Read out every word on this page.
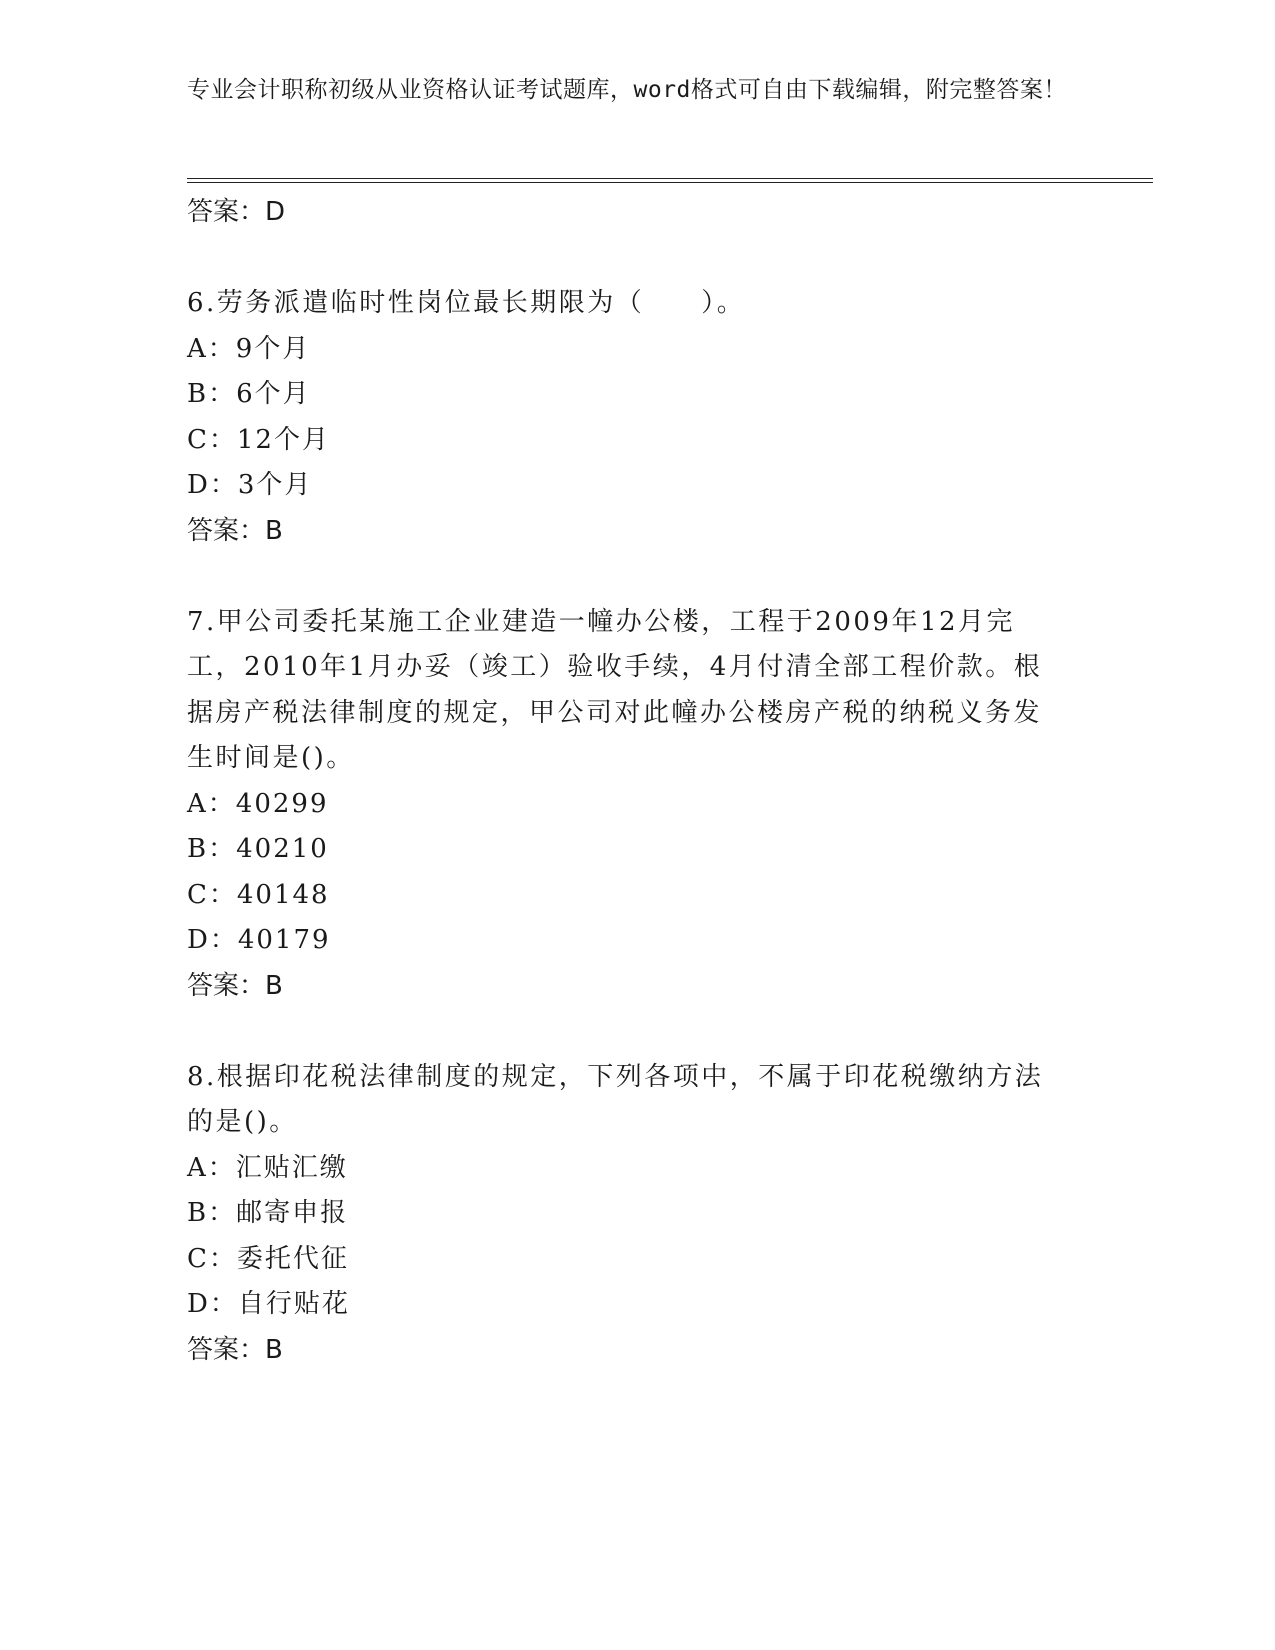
专业会计职称初级从业资格认证考试题库，word格式可自由下载编辑，附完整答案！

答案：D

6.劳务派遣临时性岗位最长期限为（　　）。

A：9个月

B：6个月

C：12个月

D：3个月

答案：B

7.甲公司委托某施工企业建造一幢办公楼，工程于2009年12月完工，2010年1月办妥（竣工）验收手续，4月付清全部工程价款。根据房产税法律制度的规定，甲公司对此幢办公楼房产税的纳税义务发生时间是()。

A：40299

B：40210

C：40148

D：40179

答案：B

8.根据印花税法律制度的规定，下列各项中，不属于印花税缴纳方法的是()。

A：汇贴汇缴

B：邮寄申报

C：委托代征

D：自行贴花

答案：B
